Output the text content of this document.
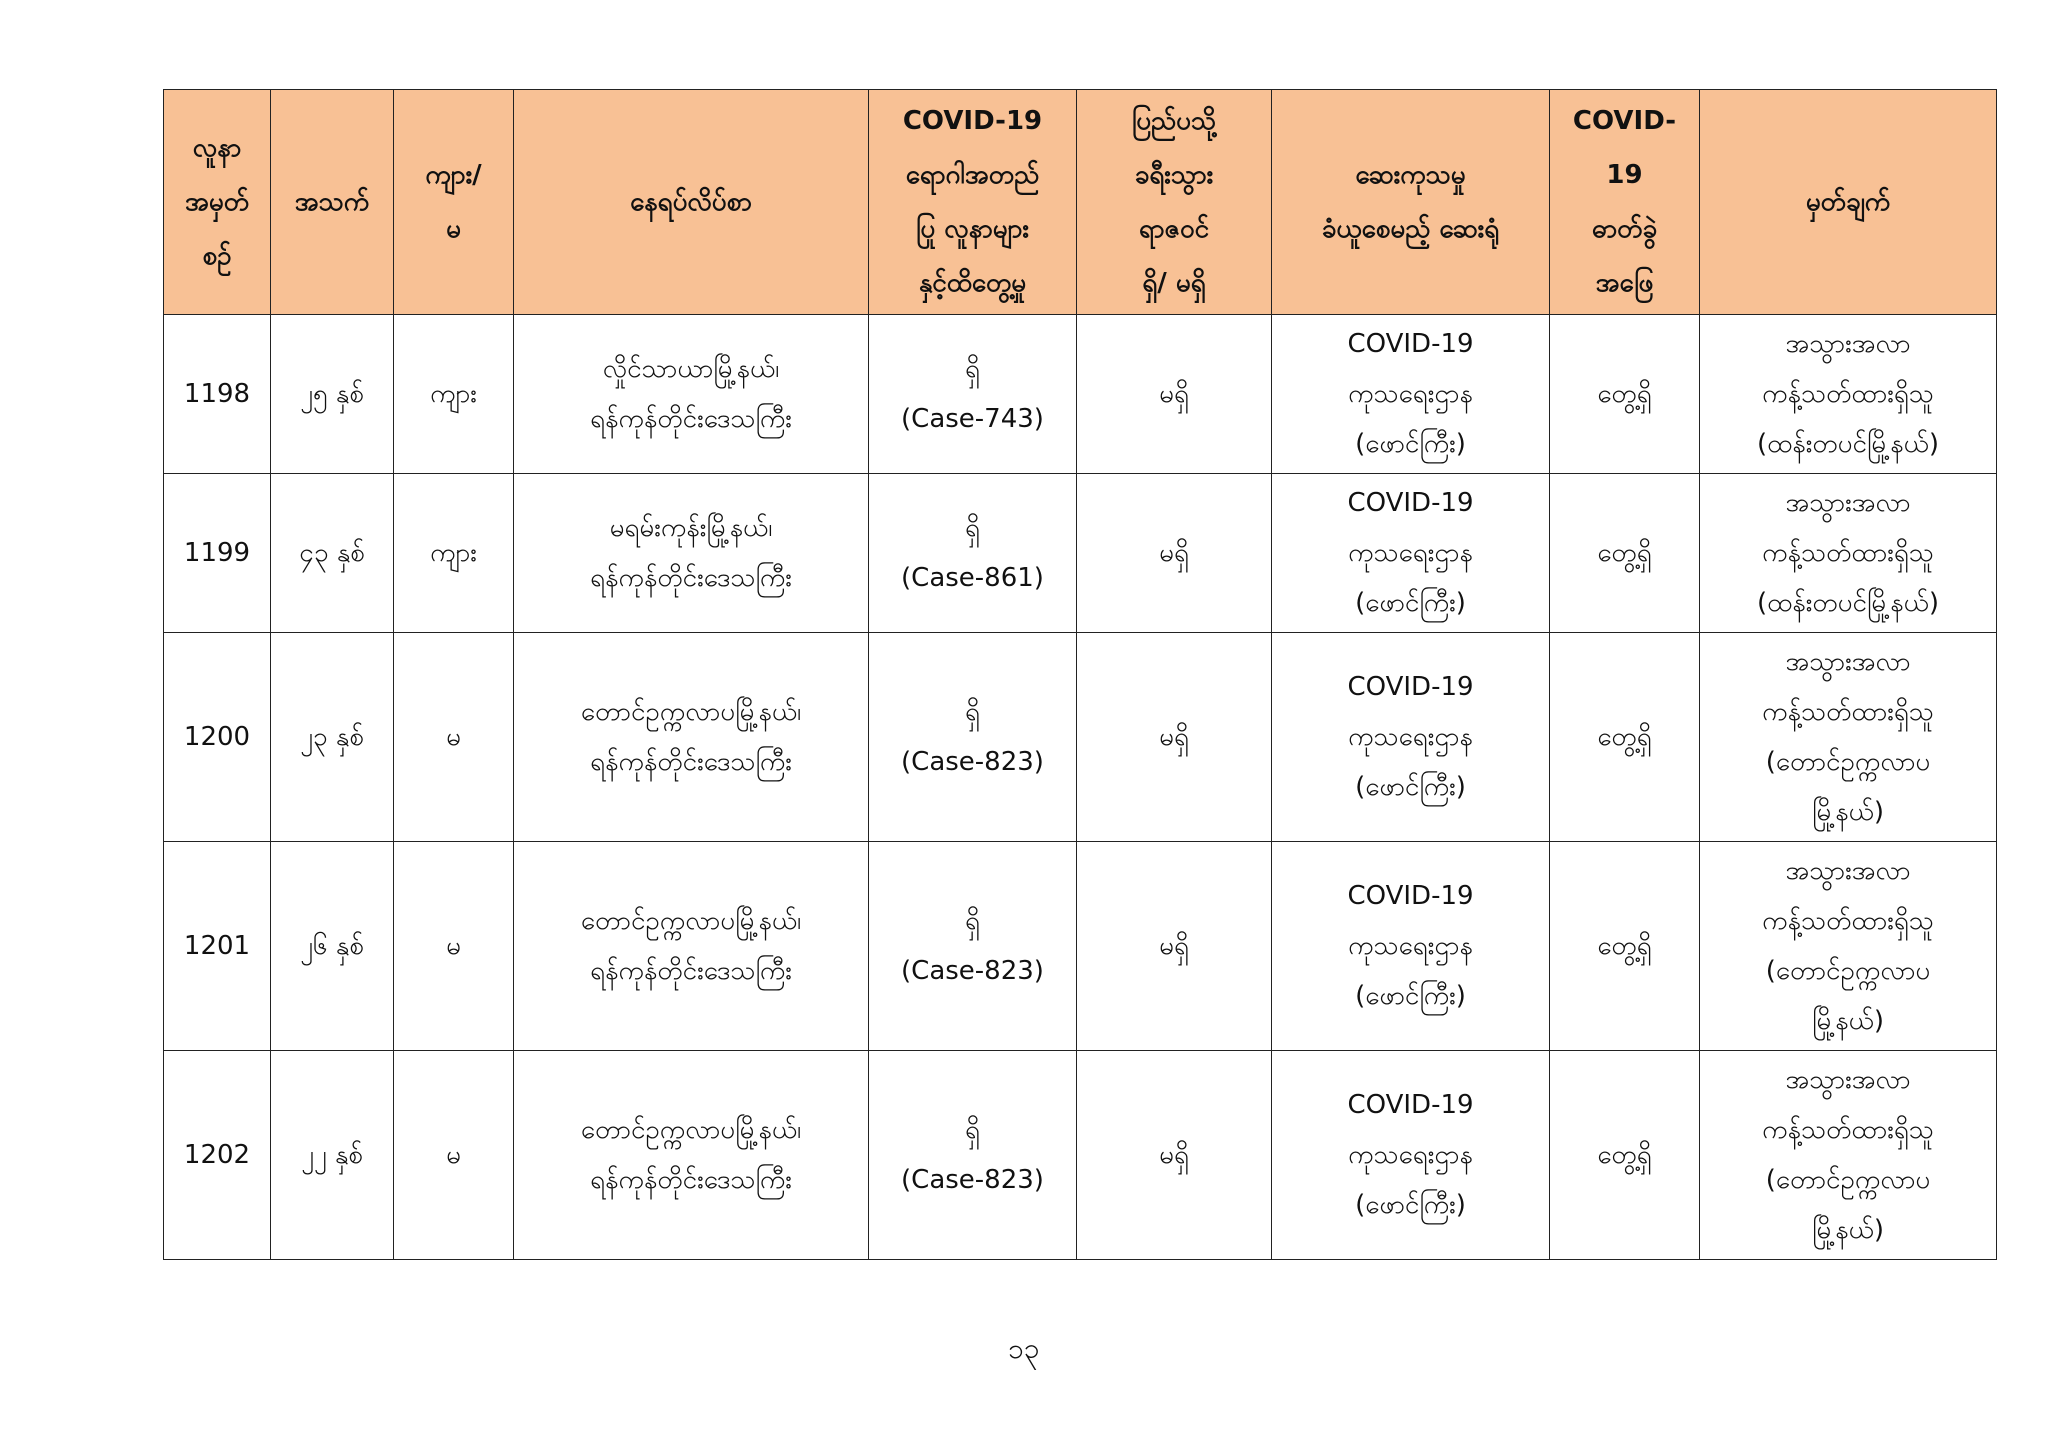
လူနာ
အမှတ်
စဉ်	အသက်	ကျား/
မ	နေရပ်လိပ်စာ	COVID-19
ရောဂါအတည်
ပြု လူနာများ
နှင့်ထိတွေ့မှု	ပြည်ပသို့
ခရီးသွား
ရာဇဝင်
ရှိ/ မရှိ	ဆေးကုသမှု
ခံယူစေမည့် ဆေးရုံ	COVID-
19
ဓာတ်ခွဲ
အဖြေ	မှတ်ချက်

1198	၂၅ နှစ်	ကျား	လှိုင်သာယာမြို့နယ်၊
ရန်ကုန်တိုင်းဒေသကြီး	ရှိ
(Case-743)	မရှိ	COVID-19
ကုသရေးဌာန
(ဖောင်ကြီး)	တွေ့ရှိ	အသွားအလာ
ကန့်သတ်ထားရှိသူ
(ထန်းတပင်မြို့နယ်)

1199	၄၃ နှစ်	ကျား	မရမ်းကုန်းမြို့နယ်၊
ရန်ကုန်တိုင်းဒေသကြီး	ရှိ
(Case-861)	မရှိ	COVID-19
ကုသရေးဌာန
(ဖောင်ကြီး)	တွေ့ရှိ	အသွားအလာ
ကန့်သတ်ထားရှိသူ
(ထန်းတပင်မြို့နယ်)

1200	၂၃ နှစ်	မ	တောင်ဥက္ကလာပမြို့နယ်၊
ရန်ကုန်တိုင်းဒေသကြီး	ရှိ
(Case-823)	မရှိ	COVID-19
ကုသရေးဌာန
(ဖောင်ကြီး)	တွေ့ရှိ	အသွားအလာ
ကန့်သတ်ထားရှိသူ
(တောင်ဥက္ကလာပ
မြို့နယ်)

1201	၂၆ နှစ်	မ	တောင်ဥက္ကလာပမြို့နယ်၊
ရန်ကုန်တိုင်းဒေသကြီး	ရှိ
(Case-823)	မရှိ	COVID-19
ကုသရေးဌာန
(ဖောင်ကြီး)	တွေ့ရှိ	အသွားအလာ
ကန့်သတ်ထားရှိသူ
(တောင်ဥက္ကလာပ
မြို့နယ်)

1202	၂၂ နှစ်	မ	တောင်ဥက္ကလာပမြို့နယ်၊
ရန်ကုန်တိုင်းဒေသကြီး	ရှိ
(Case-823)	မရှိ	COVID-19
ကုသရေးဌာန
(ဖောင်ကြီး)	တွေ့ရှိ	အသွားအလာ
ကန့်သတ်ထားရှိသူ
(တောင်ဥက္ကလာပ
မြို့နယ်)
၁၃
